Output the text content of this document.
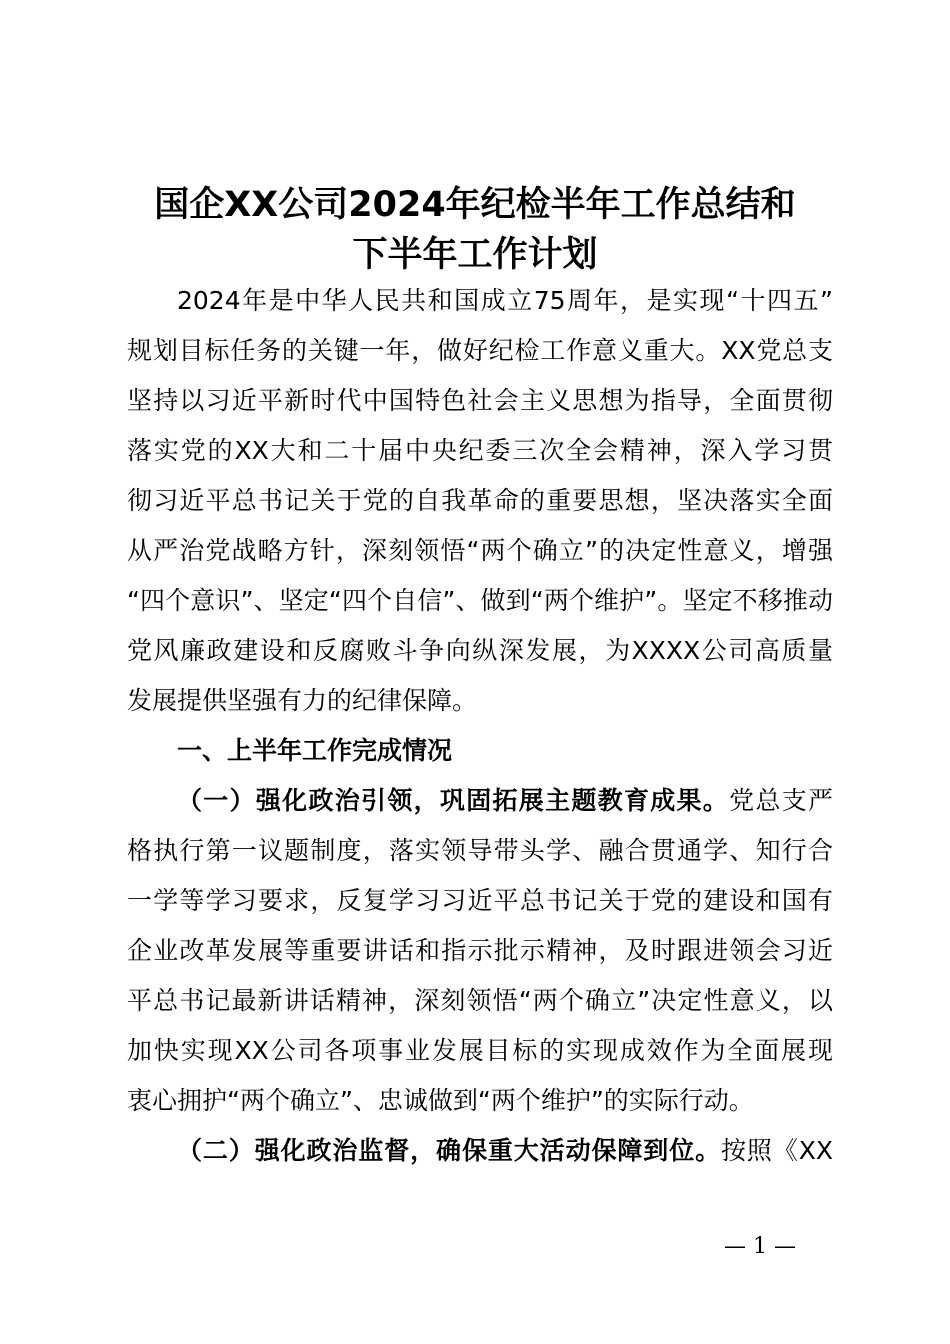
国企XX公司2024年纪检半年工作总结和
下半年工作计划
2024年是中华人民共和国成立75周年，是实现“十四五”
规划目标任务的关键一年，做好纪检工作意义重大。XX党总支
坚持以习近平新时代中国特色社会主义思想为指导，全面贯彻
落实党的XX大和二十届中央纪委三次全会精神，深入学习贯
彻习近平总书记关于党的自我革命的重要思想，坚决落实全面
从严治党战略方针，深刻领悟“两个确立”的决定性意义，增强
“四个意识”、坚定“四个自信”、做到“两个维护”。坚定不移推动
党风廉政建设和反腐败斗争向纵深发展，为XXXX公司高质量
发展提供坚强有力的纪律保障。
一、上半年工作完成情况
（一）强化政治引领，巩固拓展主题教育成果。党总支严
格执行第一议题制度，落实领导带头学、融合贯通学、知行合
一学等学习要求，反复学习习近平总书记关于党的建设和国有
企业改革发展等重要讲话和指示批示精神，及时跟进领会习近
平总书记最新讲话精神，深刻领悟“两个确立”决定性意义，以
加快实现XX公司各项事业发展目标的实现成效作为全面展现
衷心拥护“两个确立”、忠诚做到“两个维护”的实际行动。
（二）强化政治监督，确保重大活动保障到位。按照《XX
— 1 —
